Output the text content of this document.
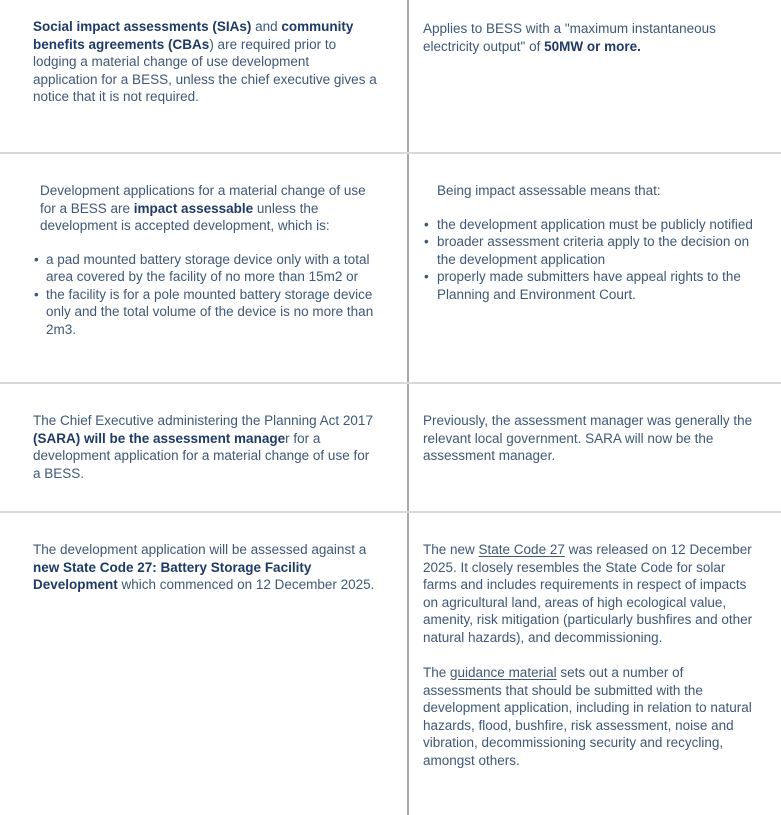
Social impact assessments (SIAs) and community benefits agreements (CBAs) are required prior to lodging a material change of use development application for a BESS, unless the chief executive gives a notice that it is not required.

Applies to BESS with a "maximum instantaneous electricity output" of 50MW or more.

Development applications for a material change of use for a BESS are impact assessable unless the development is accepted development, which is:

• a pad mounted battery storage device only with a total area covered by the facility of no more than 15m2 or
• the facility is for a pole mounted battery storage device only and the total volume of the device is no more than 2m3.

Being impact assessable means that:

• the development application must be publicly notified
• broader assessment criteria apply to the decision on the development application
• properly made submitters have appeal rights to the Planning and Environment Court.

The Chief Executive administering the Planning Act 2017 (SARA) will be the assessment manager for a development application for a material change of use for a BESS.

Previously, the assessment manager was generally the relevant local government. SARA will now be the assessment manager.

The development application will be assessed against a new State Code 27: Battery Storage Facility Development which commenced on 12 December 2025.

The new State Code 27 was released on 12 December 2025. It closely resembles the State Code for solar farms and includes requirements in respect of impacts on agricultural land, areas of high ecological value, amenity, risk mitigation (particularly bushfires and other natural hazards), and decommissioning.

The guidance material sets out a number of assessments that should be submitted with the development application, including in relation to natural hazards, flood, bushfire, risk assessment, noise and vibration, decommissioning security and recycling, amongst others.
